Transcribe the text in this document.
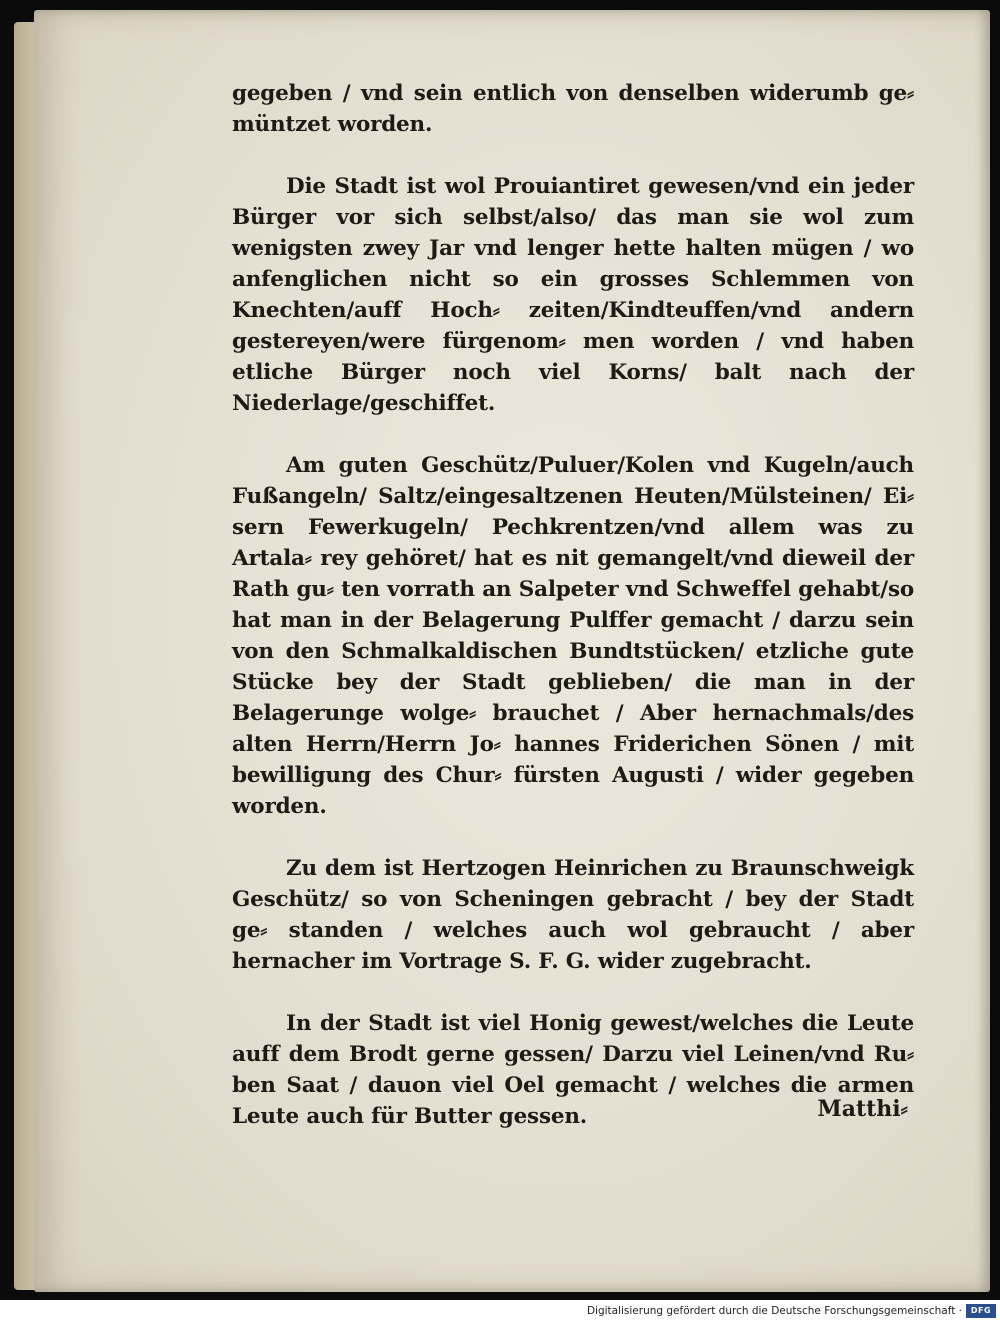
gegeben / vnd sein entlich von denselben widerumb ge⸗ müntzet worden.

Die Stadt ist wol Prouiantiret gewesen/vnd ein jeder Bürger vor sich selbst/also/ das man sie wol zum wenigsten zwey Jar vnd lenger hette halten mügen / wo anfenglichen nicht so ein grosses Schlemmen von Knechten/auff Hoch⸗ zeiten/Kindteuffen/vnd andern gestereyen/were fürgenom⸗ men worden / vnd haben etliche Bürger noch viel Korns/ balt nach der Niederlage/geschiffet.

Am guten Geschütz/Puluer/Kolen vnd Kugeln/auch Fußangeln/ Saltz/eingesaltzenen Heuten/Mülsteinen/ Ei⸗ sern Fewerkugeln/ Pechkrentzen/vnd allem was zu Artala⸗ rey gehöret/ hat es nit gemangelt/vnd dieweil der Rath gu⸗ ten vorrath an Salpeter vnd Schweffel gehabt/so hat man in der Belagerung Pulffer gemacht / darzu sein von den Schmalkaldischen Bundtstücken/ etzliche gute Stücke bey der Stadt geblieben/ die man in der Belagerunge wolge⸗ brauchet / Aber hernachmals/des alten Herrn/Herrn Jo⸗ hannes Friderichen Sönen / mit bewilligung des Chur⸗ fürsten Augusti / wider gegeben worden.

Zu dem ist Hertzogen Heinrichen zu Braunschweigk Geschütz/ so von Scheningen gebracht / bey der Stadt ge⸗ standen / welches auch wol gebraucht / aber hernacher im Vortrage S. F. G. wider zugebracht.

In der Stadt ist viel Honig gewest/welches die Leute auff dem Brodt gerne gessen/ Darzu viel Leinen/vnd Ru⸗ ben Saat / dauon viel Oel gemacht / welches die armen Leute auch für Butter gessen.	Matthi⸗
Digitalisierung gefördert durch die Deutsche Forschungsgemeinschaft ·	DFG
